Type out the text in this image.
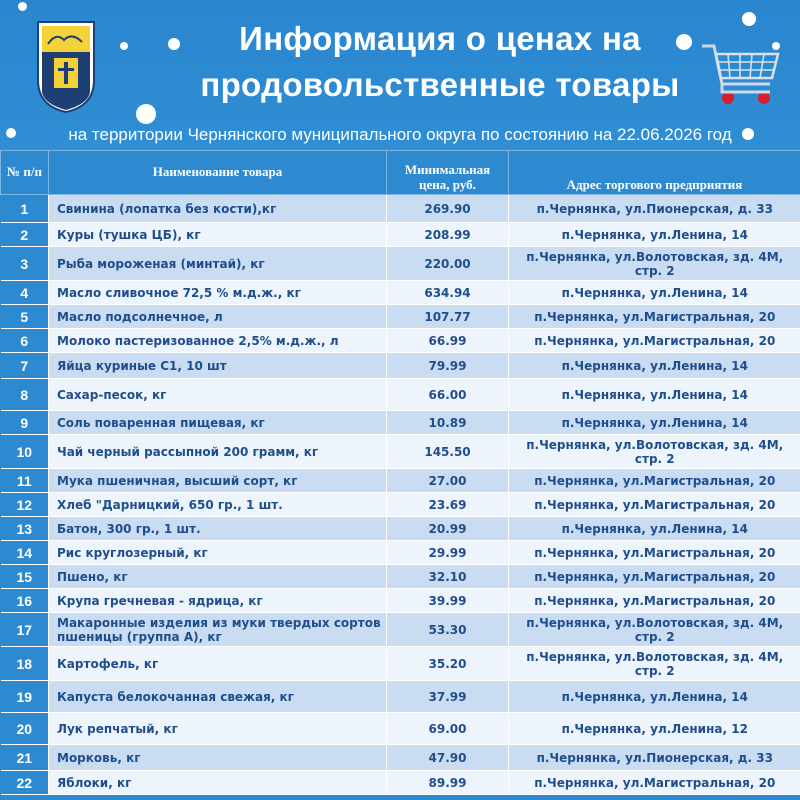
Информация о ценах на
продовольственные товары
на территории Чернянского муниципального округа по состоянию на 22.06.2026 год
№ п/п	Наименование товара	Минимальная цена, руб.	Адрес торгового предприятия
1	Свинина (лопатка без кости),кг	269.90	п.Чернянка, ул.Пионерская, д. 33
2	Куры (тушка ЦБ), кг	208.99	п.Чернянка, ул.Ленина, 14
3	Рыба мороженая (минтай), кг	220.00	п.Чернянка, ул.Волотовская, зд. 4М, стр. 2
4	Масло сливочное 72,5 % м.д.ж., кг	634.94	п.Чернянка, ул.Ленина, 14
5	Масло подсолнечное, л	107.77	п.Чернянка, ул.Магистральная, 20
6	Молоко пастеризованное 2,5% м.д.ж., л	66.99	п.Чернянка, ул.Магистральная, 20
7	Яйца куриные С1, 10 шт	79.99	п.Чернянка, ул.Ленина, 14
8	Сахар-песок, кг	66.00	п.Чернянка, ул.Ленина, 14
9	Соль поваренная пищевая, кг	10.89	п.Чернянка, ул.Ленина, 14
10	Чай черный рассыпной 200 грамм, кг	145.50	п.Чернянка, ул.Волотовская, зд. 4М, стр. 2
11	Мука пшеничная, высший сорт, кг	27.00	п.Чернянка, ул.Магистральная, 20
12	Хлеб "Дарницкий, 650 гр., 1 шт.	23.69	п.Чернянка, ул.Магистральная, 20
13	Батон, 300 гр., 1 шт.	20.99	п.Чернянка, ул.Ленина, 14
14	Рис круглозерный, кг	29.99	п.Чернянка, ул.Магистральная, 20
15	Пшено, кг	32.10	п.Чернянка, ул.Магистральная, 20
16	Крупа гречневая - ядрица, кг	39.99	п.Чернянка, ул.Магистральная, 20
17	Макаронные изделия из муки твердых сортов пшеницы (группа А), кг	53.30	п.Чернянка, ул.Волотовская, зд. 4М, стр. 2
18	Картофель, кг	35.20	п.Чернянка, ул.Волотовская, зд. 4М, стр. 2
19	Капуста белокочанная свежая, кг	37.99	п.Чернянка, ул.Ленина, 14
20	Лук репчатый, кг	69.00	п.Чернянка, ул.Ленина, 12
21	Морковь, кг	47.90	п.Чернянка, ул.Пионерская, д. 33
22	Яблоки, кг	89.99	п.Чернянка, ул.Магистральная, 20
